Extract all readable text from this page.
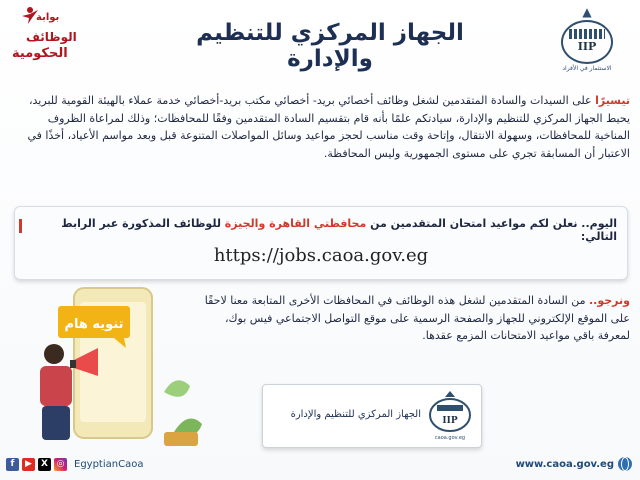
بوابة
الوظائف
الحكومية
الجهاز المركزي للتنظيم والإدارة
▲
IIP
الاستثمار في الأفراد
تيسيرًا على السيدات والسادة المتقدمين لشغل وظائف أخصائي بريد- أخصائي مكتب بريد-أخصائي خدمة عملاء بالهيئة القومية للبريد، يحيط الجهاز المركزي للتنظيم والإدارة، سيادتكم علمًا بأنه قام بتقسيم السادة المتقدمين وفقًا للمحافظات؛ وذلك لمراعاة الظروف المناخية للمحافظات، وسهولة الانتقال، وإتاحة وقت مناسب لحجز مواعيد وسائل المواصلات المتنوعة قبل وبعد مواسم الأعياد، أخذًا في الاعتبار أن المسابقة تجري على مستوى الجمهورية وليس المحافظة.
اليوم.. نعلن لكم مواعيد امتحان المتقدمين من محافظتي القاهرة والجيزة للوظائف المذكورة عبر الرابط التالي:
https://jobs.caoa.gov.eg
ونرجو.. من السادة المتقدمين لشغل هذه الوظائف في المحافظات الأخرى المتابعة معنا لاحقًا على الموقع الإلكتروني للجهاز والصفحة الرسمية على موقع التواصل الاجتماعي فيس بوك، لمعرفة باقي مواعيد الامتحانات المزمع عقدها.
تنويه هام
الجهاز المركزي للتنظيم والإدارة
IIP
caoa.gov.eg
f	▶	X ◎ EgyptianCaoa	www.caoa.gov.eg
